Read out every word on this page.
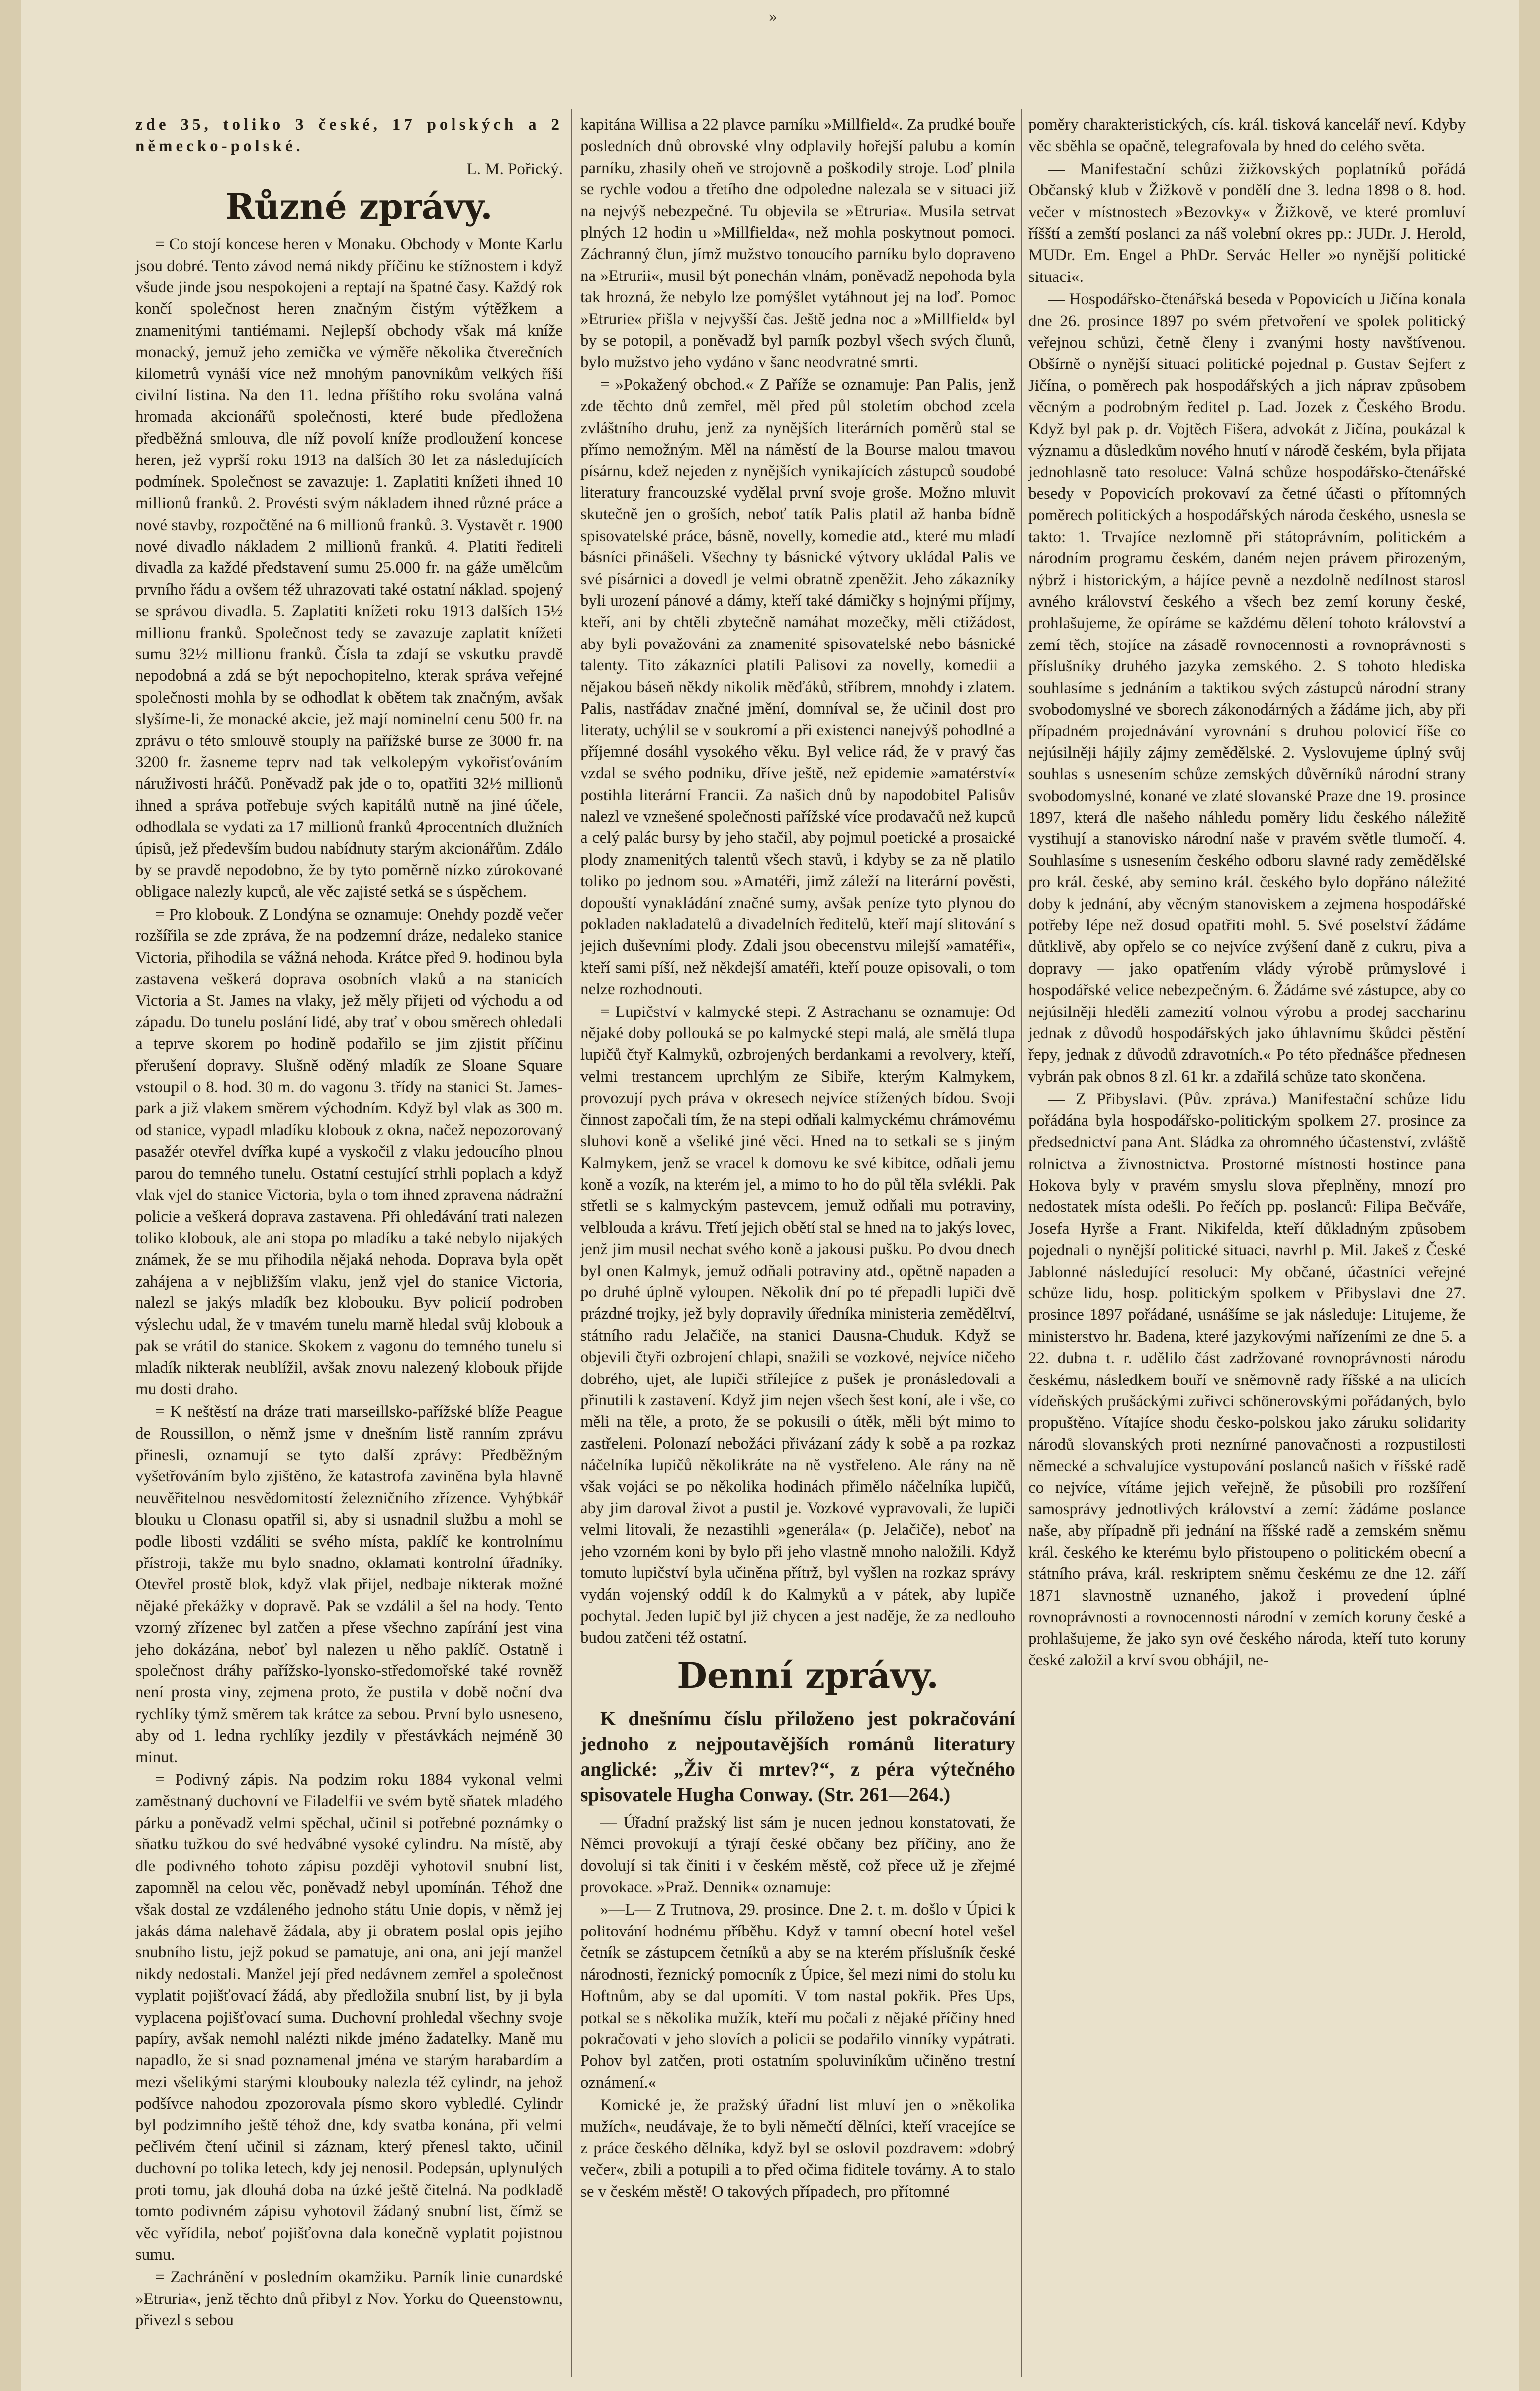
»

zde 35, toliko 3 české, 17 polských a 2 německo-polské.

L. M. Pořický.

Různé zprávy.

= Co stojí koncese heren v Monaku. Obchody v Monte Karlu jsou dobré. Tento závod nemá nikdy příčinu ke stížnostem i když všude jinde jsou nespokojeni a reptají na špatné časy. Každý rok končí společnost heren značným čistým výtěžkem a znamenitými tantiémami. Nejlepší obchody však má kníže monacký, jemuž jeho zemička ve výměře několika čtverečních kilometrů vynáší více než mnohým panovníkům velkých říší civilní listina. Na den 11. ledna příštího roku svolána valná hromada akcionářů společnosti, které bude předložena předběžná smlouva, dle níž povolí kníže prodloužení koncese heren, jež vyprší roku 1913 na dalších 30 let za následujících podmínek. Společnost se zavazuje: 1. Zaplatiti knížeti ihned 10 millionů franků. 2. Provésti svým nákladem ihned různé práce a nové stavby, rozpočtěné na 6 millionů franků. 3. Vystavět r. 1900 nové divadlo nákladem 2 millionů franků. 4. Platiti řediteli divadla za každé představení sumu 25.000 fr. na gáže umělcům prvního řádu a ovšem též uhrazovati také ostatní náklad. spojený se správou divadla. 5. Zaplatiti knížeti roku 1913 dalších 15½ millionu franků. Společnost tedy se zavazuje zaplatit knížeti sumu 32½ millionu franků. Čísla ta zdají se vskutku pravdě nepodobná a zdá se být nepochopitelno, kterak správa veřejné společnosti mohla by se odhodlat k obětem tak značným, avšak slyšíme-li, že monacké akcie, jež mají nominelní cenu 500 fr. na zprávu o této smlouvě stouply na pařížské burse ze 3000 fr. na 3200 fr. žasneme teprv nad tak velkolepým vykořisťováním náruživosti hráčů. Poněvadž pak jde o to, opatřiti 32½ millionů ihned a správa potřebuje svých kapitálů nutně na jiné účele, odhodlala se vydati za 17 millionů franků 4procentních dlužních úpisů, jež především budou nabídnuty starým akcionářům. Zdálo by se pravdě nepodobno, že by tyto poměrně nízko zúrokované obligace nalezly kupců, ale věc zajisté setká se s úspěchem.

= Pro klobouk. Z Londýna se oznamuje: Onehdy pozdě večer rozšířila se zde zpráva, že na podzemní dráze, nedaleko stanice Victoria, přihodila se vážná nehoda. Krátce před 9. hodinou byla zastavena veškerá doprava osobních vlaků a na stanicích Victoria a St. James na vlaky, jež měly přijeti od východu a od západu. Do tunelu poslání lidé, aby trať v obou směrech ohledali a teprve skorem po hodině podařilo se jim zjistit příčinu přerušení dopravy. Slušně oděný mladík ze Sloane Square vstoupil o 8. hod. 30 m. do vagonu 3. třídy na stanici St. James-park a již vlakem směrem východním. Když byl vlak as 300 m. od stanice, vypadl mladíku klobouk z okna, načež nepozorovaný pasažér otevřel dvířka kupé a vyskočil z vlaku jedoucího plnou parou do temného tunelu. Ostatní cestující strhli poplach a když vlak vjel do stanice Victoria, byla o tom ihned zpravena nádražní policie a veškerá doprava zastavena. Při ohledávání trati nalezen toliko klobouk, ale ani stopa po mladíku a také nebylo nijakých známek, že se mu přihodila nějaká nehoda. Doprava byla opět zahájena a v nejbližším vlaku, jenž vjel do stanice Victoria, nalezl se jakýs mladík bez klobouku. Byv policií podroben výslechu udal, že v tmavém tunelu marně hledal svůj klobouk a pak se vrátil do stanice. Skokem z vagonu do temného tunelu si mladík nikterak neublížil, avšak znovu nalezený klobouk přijde mu dosti draho.

= K neštěstí na dráze trati marseillsko-pařížské blíže Peague de Roussillon, o němž jsme v dnešním listě ranním zprávu přinesli, oznamují se tyto další zprávy: Předběžným vyšetřováním bylo zjištěno, že katastrofa zaviněna byla hlavně neuvěřitelnou nesvědomitostí železničního zřízence. Vyhýbkář blouku u Clonasu opatřil si, aby si usnadnil službu a mohl se podle libosti vzdáliti se svého místa, paklíč ke kontrolnímu přístroji, takže mu bylo snadno, oklamati kontrolní úřadníky. Otevřel prostě blok, když vlak přijel, nedbaje nikterak možné nějaké překážky v dopravě. Pak se vzdálil a šel na hody. Tento vzorný zřízenec byl zatčen a přese všechno zapírání jest vina jeho dokázána, neboť byl nalezen u něho paklíč. Ostatně i společnost dráhy pařížsko-lyonsko-středomořské také rovněž není prosta viny, zejmena proto, že pustila v době noční dva rychlíky týmž směrem tak krátce za sebou. První bylo usneseno, aby od 1. ledna rychlíky jezdily v přestávkách nejméně 30 minut.

= Podivný zápis. Na podzim roku 1884 vykonal velmi zaměstnaný duchovní ve Filadelfii ve svém bytě sňatek mladého párku a poněvadž velmi spěchal, učinil si potřebné poznámky o sňatku tužkou do své hedvábné vysoké cylindru. Na místě, aby dle podivného tohoto zápisu později vyhotovil snubní list, zapomněl na celou věc, poněvadž nebyl upomínán. Téhož dne však dostal ze vzdáleného jednoho státu Unie dopis, v němž jej jakás dáma nalehavě žádala, aby ji obratem poslal opis jejího snubního listu, jejž pokud se pamatuje, ani ona, ani její manžel nikdy nedostali. Manžel její před nedávnem zemřel a společnost vyplatit pojišťovací žádá, aby předložila snubní list, by ji byla vyplacena pojišťovací suma. Duchovní prohledal všechny svoje papíry, avšak nemohl nalézti nikde jméno žadatelky. Maně mu napadlo, že si snad poznamenal jména ve starým harabardím a mezi všelikými starými kloubouky nalezla též cylindr, na jehož podšívce nahodou zpozorovala písmo skoro vybledlé. Cylindr byl podzimního ještě téhož dne, kdy svatba konána, při velmi pečlivém čtení učinil si záznam, který přenesl takto, učinil duchovní po tolika letech, kdy jej nenosil. Podepsán, uplynulých proti tomu, jak dlouhá doba na úzké ještě čitelná. Na podkladě tomto podivném zápisu vyhotovil žádaný snubní list, čímž se věc vyřídila, neboť pojišťovna dala konečně vyplatit pojistnou sumu.

= Zachránění v posledním okamžiku. Parník linie cunardské »Etruria«, jenž těchto dnů přibyl z Nov. Yorku do Queenstownu, přivezl s sebou

kapitána Willisa a 22 plavce parníku »Millfield«. Za prudké bouře posledních dnů obrovské vlny odplavily hořejší palubu a komín parníku, zhasily oheň ve strojovně a poškodily stroje. Loď plnila se rychle vodou a třetího dne odpoledne nalezala se v situaci již na nejvýš nebezpečné. Tu objevila se »Etruria«. Musila setrvat plných 12 hodin u »Millfielda«, než mohla poskytnout pomoci. Záchranný člun, jímž mužstvo tonoucího parníku bylo dopraveno na »Etrurii«, musil být ponechán vlnám, poněvadž nepohoda byla tak hrozná, že nebylo lze pomýšlet vytáhnout jej na loď. Pomoc »Etrurie« přišla v nejvyšší čas. Ještě jedna noc a »Millfield« byl by se potopil, a poněvadž byl parník pozbyl všech svých člunů, bylo mužstvo jeho vydáno v šanc neodvratné smrti.

= »Pokažený obchod.« Z Paříže se oznamuje: Pan Palis, jenž zde těchto dnů zemřel, měl před půl stoletím obchod zcela zvláštního druhu, jenž za nynějších literárních poměrů stal se přímo nemožným. Měl na náměstí de la Bourse malou tmavou písárnu, kdež nejeden z nynějších vynikajících zástupců soudobé literatury francouzské vydělal první svoje groše. Možno mluvit skutečně jen o groších, neboť tatík Palis platil až hanba bídně spisovatelské práce, básně, novelly, komedie atd., které mu mladí básníci přinášeli. Všechny ty básnické výtvory ukládal Palis ve své písárnici a dovedl je velmi obratně zpeněžit. Jeho zákazníky byli urození pánové a dámy, kteří také dámičky s hojnými příjmy, kteří, ani by chtěli zbytečně namáhat mozečky, měli ctižádost, aby byli považováni za znamenité spisovatelské nebo básnické talenty. Tito zákazníci platili Palisovi za novelly, komedii a nějakou báseň někdy nikolik měďáků, stříbrem, mnohdy i zlatem. Palis, nastřádav značné jmění, domníval se, že učinil dost pro literaty, uchýlil se v soukromí a při existenci nanejvýš pohodlné a příjemné dosáhl vysokého věku. Byl velice rád, že v pravý čas vzdal se svého podniku, dříve ještě, než epidemie »amatérství« postihla literární Francii. Za našich dnů by napodobitel Palisův nalezl ve vznešené společnosti pařížské více prodavačů než kupců a celý palác bursy by jeho stačil, aby pojmul poetické a prosaické plody znamenitých talentů všech stavů, i kdyby se za ně platilo toliko po jednom sou. »Amatéři, jimž záleží na literární pověsti, dopouští vynakládání značné sumy, avšak peníze tyto plynou do pokladen nakladatelů a divadelních ředitelů, kteří mají slitování s jejich duševními plody. Zdali jsou obecenstvu milejší »amatéři«, kteří sami píší, než někdejší amatéři, kteří pouze opisovali, o tom nelze rozhodnouti.

= Lupičství v kalmycké stepi. Z Astrachanu se oznamuje: Od nějaké doby pollouká se po kalmycké stepi malá, ale smělá tlupa lupičů čtyř Kalmyků, ozbrojených berdankami a revolvery, kteří, velmi trestancem uprchlým ze Sibiře, kterým Kalmykem, provozují pych práva v okresech nejvíce stížených bídou. Svoji činnost započali tím, že na stepi odňali kalmyckému chrámovému sluhovi koně a všeliké jiné věci. Hned na to setkali se s jiným Kalmykem, jenž se vracel k domovu ke své kibitce, odňali jemu koně a vozík, na kterém jel, a mimo to ho do půl těla svlékli. Pak střetli se s kalmyckým pastevcem, jemuž odňali mu potraviny, velblouda a krávu. Třetí jejich obětí stal se hned na to jakýs lovec, jenž jim musil nechat svého koně a jakousi pušku. Po dvou dnech byl onen Kalmyk, jemuž odňali potraviny atd., opětně napaden a po druhé úplně vyloupen. Několik dní po té přepadli lupiči dvě prázdné trojky, jež byly dopravily úředníka ministeria zeměděltví, státního radu Jelačiče, na stanici Dausna-Chuduk. Když se objevili čtyři ozbrojení chlapi, snažili se vozkové, nejvíce ničeho dobrého, ujet, ale lupiči střílejíce z pušek je pronásledovali a přinutili k zastavení. Když jim nejen všech šest koní, ale i vše, co měli na těle, a proto, že se pokusili o útěk, měli být mimo to zastřeleni. Polonazí nebožáci přivázaní zády k sobě a pa rozkaz náčelníka lupičů několikráte na ně vystřeleno. Ale rány na ně však vojáci se po několika hodinách přimělo náčelníka lupičů, aby jim daroval život a pustil je. Vozkové vypravovali, že lupiči velmi litovali, že nezastihli »generála« (p. Jelačiče), neboť na jeho vzorném koni by bylo při jeho vlastně mnoho naložili. Když tomuto lupičství byla učiněna přítrž, byl vyšlen na rozkaz správy vydán vojenský oddíl k do Kalmyků a v pátek, aby lupiče pochytal. Jeden lupič byl již chycen a jest naděje, že za nedlouho budou zatčeni též ostatní.

Denní zprávy.

K dnešnímu číslu přiloženo jest pokračování jednoho z nejpoutavějších románů literatury anglické: „Živ či mrtev?“, z péra výtečného spisovatele Hugha Conway. (Str. 261—264.)

— Úřadní pražský list sám je nucen jednou konstatovati, že Němci provokují a týrají české občany bez příčiny, ano že dovolují si tak činiti i v českém městě, což přece už je zřejmé provokace. »Praž. Dennik« oznamuje:

»—L— Z Trutnova, 29. prosince. Dne 2. t. m. došlo v Úpici k politování hodnému příběhu. Když v tamní obecní hotel vešel četník se zástupcem četníků a aby se na kterém příslušník české národnosti, řeznický pomocník z Úpice, šel mezi nimi do stolu ku Hoftnům, aby se dal upomíti. V tom nastal pokřik. Přes Ups, potkal se s několika mužík, kteří mu počali z nějaké příčiny hned pokračovati v jeho slovích a policii se podařilo vinníky vypátrati. Pohov byl zatčen, proti ostatním spoluviníkům učiněno trestní oznámení.«

Komické je, že pražský úřadní list mluví jen o »několika mužích«, neudávaje, že to byli němečtí dělníci, kteří vracejíce se z práce českého dělníka, když byl se oslovil pozdravem: »dobrý večer«, zbili a potupili a to před očima fiditele továrny. A to stalo se v českém městě! O takových případech, pro přítomné

poměry charakteristických, cís. král. tisková kancelář neví. Kdyby věc sběhla se opačně, telegrafovala by hned do celého světa.

— Manifestační schůzi žižkovských poplatníků pořádá Občanský klub v Žižkově v pondělí dne 3. ledna 1898 o 8. hod. večer v místnostech »Bezovky« v Žižkově, ve které promluví říšští a zemští poslanci za náš volební okres pp.: JUDr. J. Herold, MUDr. Em. Engel a PhDr. Servác Heller »o nynější politické situaci«.

— Hospodářsko-čtenářská beseda v Popovicích u Jičína konala dne 26. prosince 1897 po svém přetvoření ve spolek politický veřejnou schůzi, četně členy i zvanými hosty navštívenou. Obšírně o nynější situaci politické pojednal p. Gustav Sejfert z Jičína, o poměrech pak hospodářských a jich náprav způsobem věcným a podrobným ředitel p. Lad. Jozek z Českého Brodu. Když byl pak p. dr. Vojtěch Fišera, advokát z Jičína, poukázal k významu a důsledkům nového hnutí v národě českém, byla přijata jednohlasně tato resoluce: Valná schůze hospodářsko-čtenářské besedy v Popovicích prokovaví za četné účasti o přítomných poměrech politických a hospodářských národa českého, usnesla se takto: 1. Trvajíce nezlomně při státoprávním, politickém a národním programu českém, daném nejen právem přirozeným, nýbrž i historickým, a hájíce pevně a nezdolně nedílnost starosl avného království českého a všech bez zemí koruny české, prohlašujeme, že opíráme se každému dělení tohoto království a zemí těch, stojíce na zásadě rovnocennosti a rovnoprávnosti s příslušníky druhého jazyka zemského. 2. S tohoto hlediska souhlasíme s jednáním a taktikou svých zástupců národní strany svobodomyslné ve sborech zákonodárných a žádáme jich, aby při případném projednávání vyrovnání s druhou polovicí říše co nejúsilněji hájily zájmy zemědělské. 2. Vyslovujeme úplný svůj souhlas s usnesením schůze zemských důvěrníků národní strany svobodomyslné, konané ve zlaté slovanské Praze dne 19. prosince 1897, která dle našeho náhledu poměry lidu českého náležitě vystihují a stanovisko národní naše v pravém světle tlumočí. 4. Souhlasíme s usnesením českého odboru slavné rady zemědělské pro král. české, aby semino král. českého bylo dopřáno náležité doby k jednání, aby věcným stanoviskem a zejmena hospodářské potřeby lépe než dosud opatřiti mohl. 5. Své poselství žádáme důtklivě, aby opřelo se co nejvíce zvýšení daně z cukru, piva a dopravy — jako opatřením vlády výrobě průmyslové i hospodářské velice nebezpečným. 6. Žádáme své zástupce, aby co nejúsilněji hleděli zamezití volnou výrobu a prodej saccharinu jednak z důvodů hospodářských jako úhlavnímu škůdci pěstění řepy, jednak z důvodů zdravotních.« Po této přednášce přednesen vybrán pak obnos 8 zl. 61 kr. a zdařilá schůze tato skončena.

— Z Přibyslavi. (Pův. zpráva.) Manifestační schůze lidu pořádána byla hospodářsko-politickým spolkem 27. prosince za předsednictví pana Ant. Sládka za ohromného účastenství, zvláště rolnictva a živnostnictva. Prostorné místnosti hostince pana Hokova byly v pravém smyslu slova přeplněny, mnozí pro nedostatek místa odešli. Po řečích pp. poslanců: Filipa Bečváře, Josefa Hyrše a Frant. Nikifelda, kteří důkladným způsobem pojednali o nynější politické situaci, navrhl p. Mil. Jakeš z České Jablonné následující resoluci: My občané, účastníci veřejné schůze lidu, hosp. politickým spolkem v Přibyslavi dne 27. prosince 1897 pořádané, usnášíme se jak následuje: Litujeme, že ministerstvo hr. Badena, které jazykovými nařízeními ze dne 5. a 22. dubna t. r. udělilo část zadržované rovnoprávnosti národu českému, následkem bouří ve sněmovně rady říšské a na ulicích vídeňských prušáckými zuřivci schönerovskými pořádaných, bylo propuštěno. Vítajíce shodu česko-polskou jako záruku solidarity národů slovanských proti neznírné panovačnosti a rozpustilosti německé a schvalujíce vystupování poslanců našich v říšské radě co nejvíce, vítáme jejich veřejně, že působili pro rozšíření samosprávy jednotlivých království a zemí: žádáme poslance naše, aby případně při jednání na říšské radě a zemském sněmu král. českého ke kterému bylo přistoupeno o politickém obecní a státního práva, král. reskriptem sněmu českému ze dne 12. září 1871 slavnostně uznaného, jakož i provedení úplné rovnoprávnosti a rovnocennosti národní v zemích koruny české a prohlašujeme, že jako syn ové českého národa, kteří tuto koruny české založil a krví svou obhájil, ne-
